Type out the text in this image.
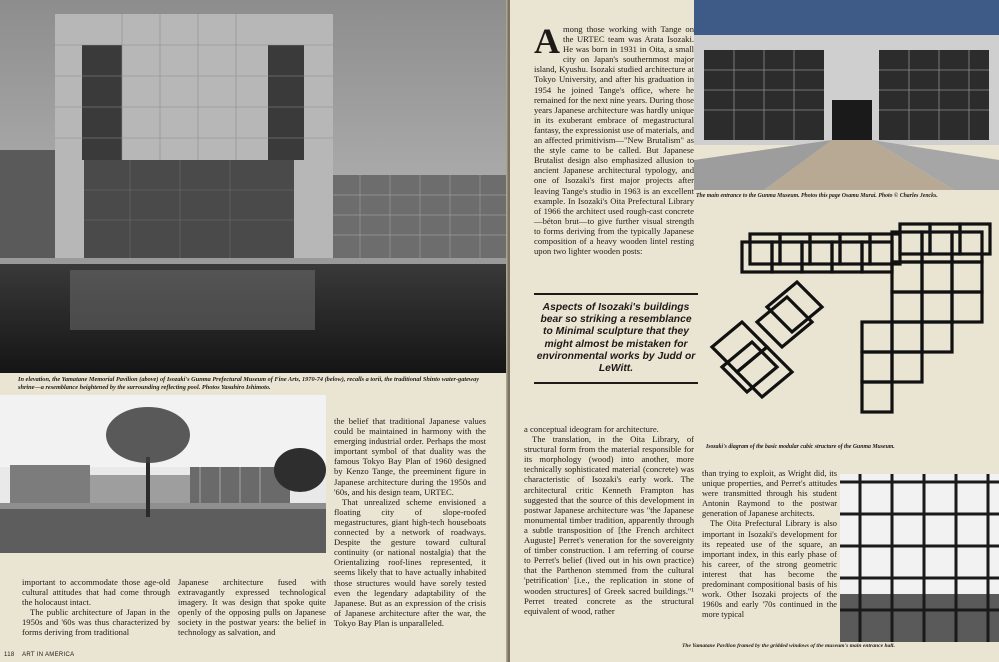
In elevation, the Yamatane Memorial Pavilion (above) of Isozaki's Gunma Prefectural Museum of Fine Arts, 1970-74 (below), recalls a torii, the traditional Shinto water-gateway shrine—a resemblance heightened by the surrounding reflecting pool. Photos Yasuhiro Ishimoto.

important to accommodate those age-old cultural attitudes that had come through the holocaust intact.

The public architecture of Japan in the 1950s and '60s was thus characterized by forms deriving from traditional

Japanese architecture fused with extravagantly expressed technological imagery. It was design that spoke quite openly of the opposing pulls on Japanese society in the postwar years: the belief in technology as salvation, and

the belief that traditional Japanese values could be maintained in harmony with the emerging industrial order. Perhaps the most important symbol of that duality was the famous Tokyo Bay Plan of 1960 designed by Kenzo Tange, the preeminent figure in Japanese architecture during the 1950s and '60s, and his design team, URTEC.

That unrealized scheme envisioned a floating city of slope-roofed megastructures, giant high-tech houseboats connected by a network of roadways. Despite the gesture toward cultural continuity (or national nostalgia) that the Orientalizing roof-lines represented, it seems likely that to have actually inhabited those structures would have sorely tested even the legendary adaptability of the Japanese. But as an expression of the crisis of Japanese architecture after the war, the Tokyo Bay Plan is unparalleled.

118 ART IN AMERICA

Among those working with Tange on the URTEC team was Arata Isozaki. He was born in 1931 in Oita, a small city on Japan's southernmost major island, Kyushu. Isozaki studied architecture at Tokyo University, and after his graduation in 1954 he joined Tange's office, where he remained for the next nine years. During those years Japanese architecture was hardly unique in its exuberant embrace of megastructural fantasy, the expressionist use of materials, and an affected primitivism—"New Brutalism" as the style came to be called. But Japanese Brutalist design also emphasized allusion to ancient Japanese architectural typology, and one of Isozaki's first major projects after leaving Tange's studio in 1963 is an excellent example. In Isozaki's Oita Prefectural Library of 1966 the architect used rough-cast concrete—béton brut—to give further visual strength to forms deriving from the typically Japanese composition of a heavy wooden lintel resting upon two lighter wooden posts:

Aspects of Isozaki's buildings bear so striking a resemblance to Minimal sculpture that they might almost be mistaken for environmental works by Judd or LeWitt.

a conceptual ideogram for architecture.

The translation, in the Oita Library, of structural form from the material responsible for its morphology (wood) into another, more technically sophisticated material (concrete) was characteristic of Isozaki's early work. The architectural critic Kenneth Frampton has suggested that the source of this development in postwar Japanese architecture was "the Japanese monumental timber tradition, apparently through a subtle transposition of [the French architect Auguste] Perret's veneration for the sovereignty of timber construction. I am referring of course to Perret's belief (lived out in his own practice) that the Parthenon stemmed from the cultural 'petrification' [i.e., the replication in stone of wooden structures] of Greek sacred buildings."¹ Perret treated concrete as the structural equivalent of wood, rather

than trying to exploit, as Wright did, its unique properties, and Perret's attitudes were transmitted through his student Antonin Raymond to the postwar generation of Japanese architects.

The Oita Prefectural Library is also important in Isozaki's development for its repeated use of the square, an important index, in this early phase of his career, of the strong geometric interest that has become the predominant compositional basis of his work. Other Isozaki projects of the 1960s and early '70s continued in the more typical

The main entrance to the Gunma Museum. Photos this page Osamu Murai. Photo © Charles Jencks.
Isozaki's diagram of the basic modular cubic structure of the Gunma Museum.
The Yamatane Pavilion framed by the gridded windows of the museum's main entrance hall.
